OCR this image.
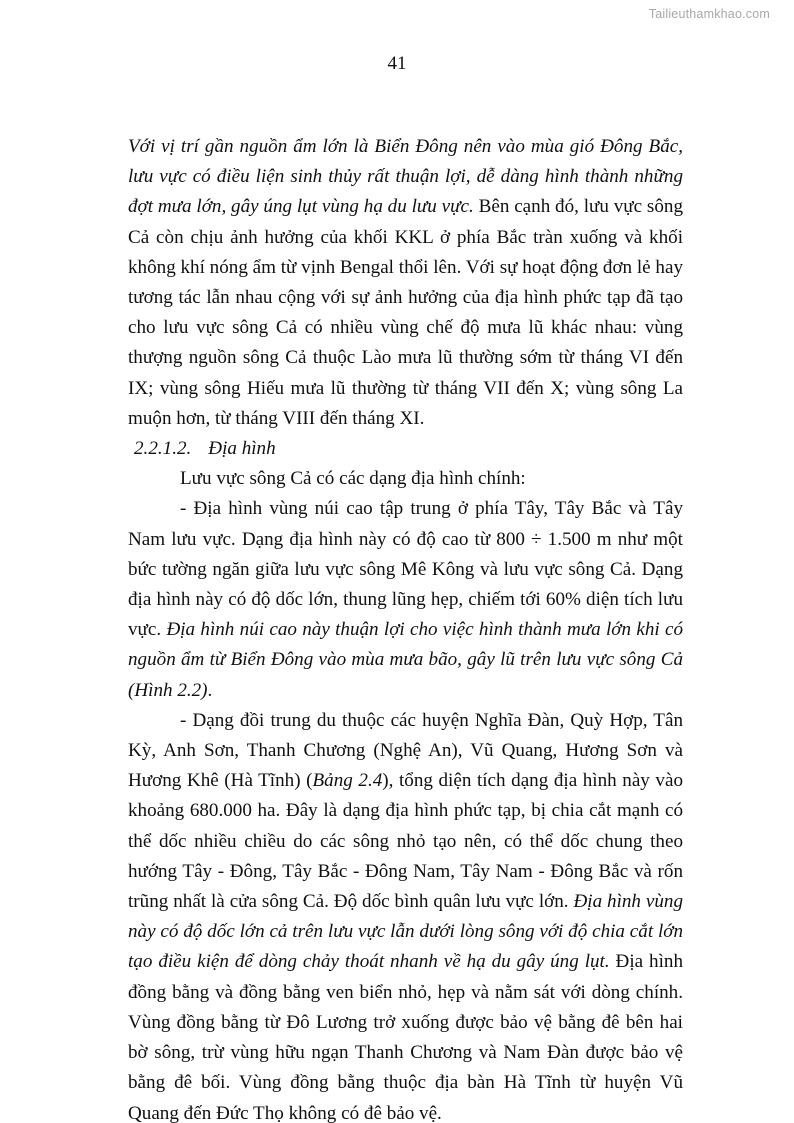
Tailieuthamkhao.com
41

Với vị trí gần nguồn ẩm lớn là Biển Đông nên vào mùa gió Đông Bắc, lưu vực có điều liện sinh thủy rất thuận lợi, dễ dàng hình thành những đợt mưa lớn, gây úng lụt vùng hạ du lưu vực. Bên cạnh đó, lưu vực sông Cả còn chịu ảnh hưởng của khối KKL ở phía Bắc tràn xuống và khối không khí nóng ẩm từ vịnh Bengal thổi lên. Với sự hoạt động đơn lẻ hay tương tác lẫn nhau cộng với sự ảnh hưởng của địa hình phức tạp đã tạo cho lưu vực sông Cả có nhiều vùng chế độ mưa lũ khác nhau: vùng thượng nguồn sông Cả thuộc Lào mưa lũ thường sớm từ tháng VI đến IX; vùng sông Hiếu mưa lũ thường từ tháng VII đến X; vùng sông La muộn hơn, từ tháng VIII đến tháng XI.

2.2.1.2. Địa hình

Lưu vực sông Cả có các dạng địa hình chính:

- Địa hình vùng núi cao tập trung ở phía Tây, Tây Bắc và Tây Nam lưu vực. Dạng địa hình này có độ cao từ 800 ÷ 1.500 m như một bức tường ngăn giữa lưu vực sông Mê Kông và lưu vực sông Cả. Dạng địa hình này có độ dốc lớn, thung lũng hẹp, chiếm tới 60% diện tích lưu vực. Địa hình núi cao này thuận lợi cho việc hình thành mưa lớn khi có nguồn ẩm từ Biển Đông vào mùa mưa bão, gây lũ trên lưu vực sông Cả (Hình 2.2).

- Dạng đồi trung du thuộc các huyện Nghĩa Đàn, Quỳ Hợp, Tân Kỳ, Anh Sơn, Thanh Chương (Nghệ An), Vũ Quang, Hương Sơn và Hương Khê (Hà Tĩnh) (Bảng 2.4), tổng diện tích dạng địa hình này vào khoảng 680.000 ha. Đây là dạng địa hình phức tạp, bị chia cắt mạnh có thể dốc nhiều chiều do các sông nhỏ tạo nên, có thể dốc chung theo hướng Tây - Đông, Tây Bắc - Đông Nam, Tây Nam - Đông Bắc và rốn trũng nhất là cửa sông Cả. Độ dốc bình quân lưu vực lớn. Địa hình vùng này có độ dốc lớn cả trên lưu vực lẫn dưới lòng sông với độ chia cắt lớn tạo điều kiện để dòng chảy thoát nhanh về hạ du gây úng lụt. Địa hình đồng bằng và đồng bằng ven biển nhỏ, hẹp và nằm sát với dòng chính. Vùng đồng bằng từ Đô Lương trở xuống được bảo vệ bằng đê bên hai bờ sông, trừ vùng hữu ngạn Thanh Chương và Nam Đàn được bảo vệ bằng đê bối. Vùng đồng bằng thuộc địa bàn Hà Tĩnh từ huyện Vũ Quang đến Đức Thọ không có đê bảo vệ.
